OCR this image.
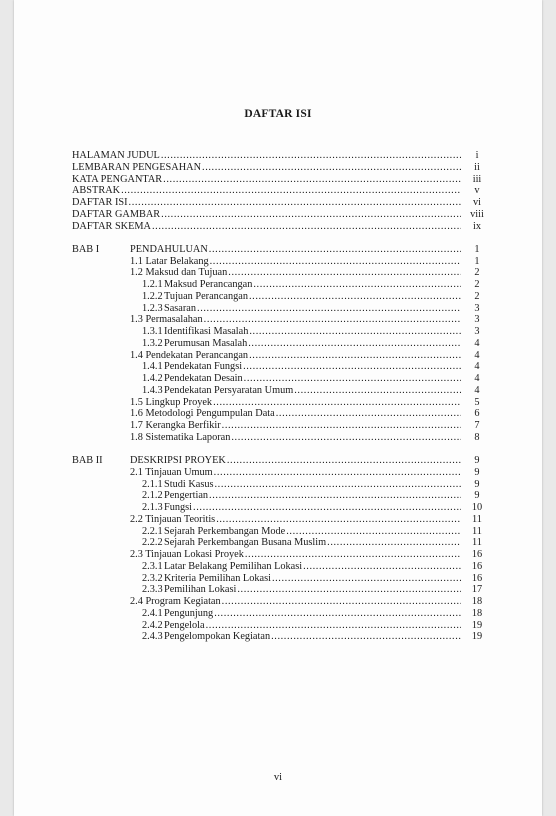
DAFTAR ISI
HALAMAN JUDUL .....	i
LEMBARAN PENGESAHAN .....	ii
KATA PENGANTAR .....	iii
ABSTRAK .....	v
DAFTAR ISI .....	vi
DAFTAR GAMBAR .....	viii
DAFTAR SKEMA .....	ix
BAB I	PENDAHULUAN .....	1
1.1 Latar Belakang .....	1
1.2 Maksud dan Tujuan .....	2
1.2.1 Maksud Perancangan .....	2
1.2.2 Tujuan Perancangan .....	2
1.2.3 Sasaran .....	3
1.3 Permasalahan .....	3
1.3.1 Identifikasi Masalah .....	3
1.3.2 Perumusan Masalah .....	4
1.4 Pendekatan Perancangan .....	4
1.4.1 Pendekatan Fungsi .....	4
1.4.2 Pendekatan Desain .....	4
1.4.3 Pendekatan Persyaratan Umum .....	4
1.5 Lingkup Proyek .....	5
1.6 Metodologi Pengumpulan Data .....	6
1.7 Kerangka Berfikir .....	7
1.8 Sistematika Laporan .....	8
BAB II	DESKRIPSI PROYEK .....	9
2.1 Tinjauan Umum .....	9
2.1.1 Studi Kasus .....	9
2.1.2 Pengertian .....	9
2.1.3 Fungsi .....	10
2.2 Tinjauan Teoritis .....	11
2.2.1 Sejarah Perkembangan Mode .....	11
2.2.2 Sejarah Perkembangan Busana Muslim .....	11
2.3 Tinjauan Lokasi Proyek .....	16
2.3.1 Latar Belakang Pemilihan Lokasi .....	16
2.3.2 Kriteria Pemilihan Lokasi .....	16
2.3.3 Pemilihan Lokasi .....	17
2.4 Program Kegiatan .....	18
2.4.1 Pengunjung .....	18
2.4.2 Pengelola .....	19
2.4.3 Pengelompokan Kegiatan .....	19
vi
